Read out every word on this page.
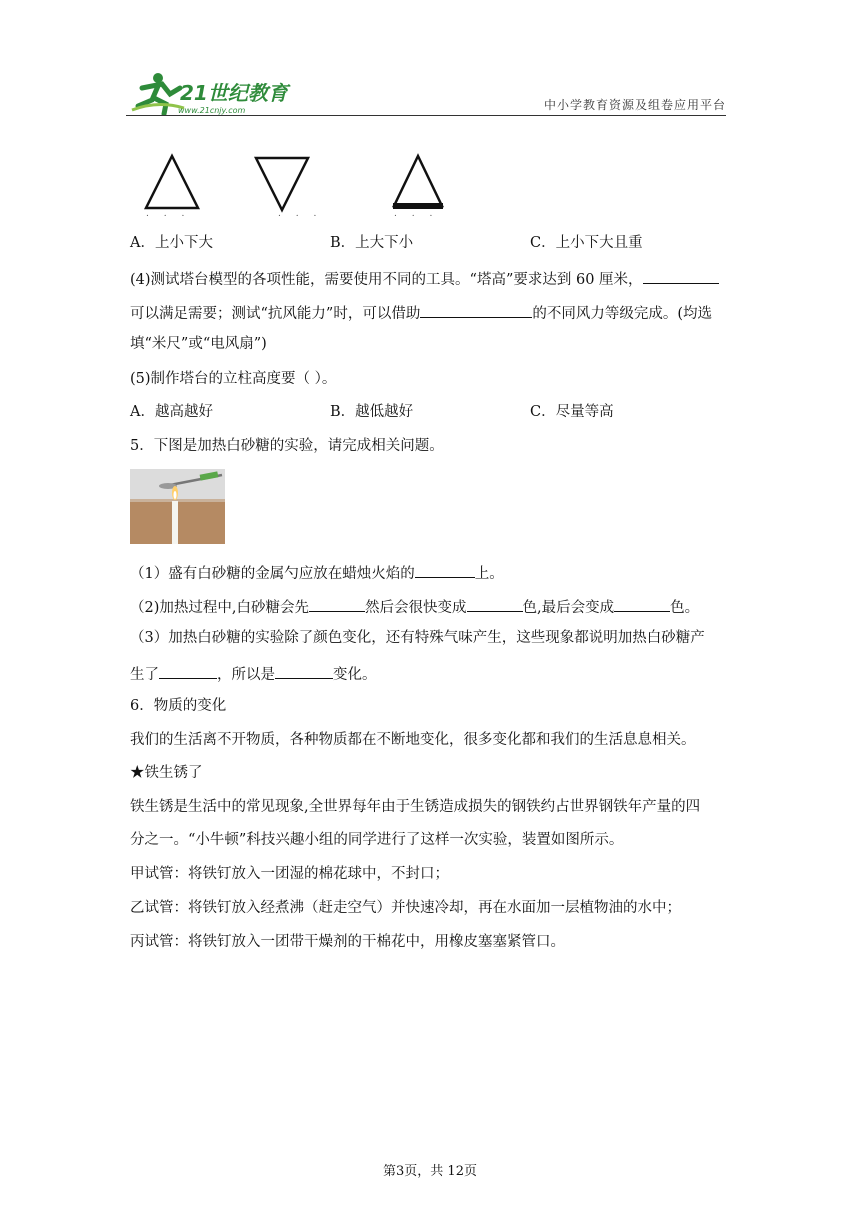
21世纪教育
www.21cnjy.com	中小学教育资源及组卷应用平台
. . .	. . .	. . .
A．上小下大	B．上大下小	C．上小下大且重
(4)测试塔台模型的各项性能，需要使用不同的工具。“塔高”要求达到 60 厘米，
可以满足需要；测试“抗风能力”时，可以借助	的不同风力等级完成。(均选
填“米尺”或“电风扇”)
(5)制作塔台的立柱高度要（ ）。
A．越高越好	B．越低越好	C．尽量等高
5．下图是加热白砂糖的实验，请完成相关问题。
（1）盛有白砂糖的金属勺应放在蜡烛火焰的	上。
（2)加热过程中,白砂糖会先	然后会很快变成	色,最后会变成	色。
（3）加热白砂糖的实验除了颜色变化，还有特殊气味产生，这些现象都说明加热白砂糖产
生了	，所以是	变化。
6．物质的变化
我们的生活离不开物质，各种物质都在不断地变化，很多变化都和我们的生活息息相关。
★铁生锈了
铁生锈是生活中的常见现象,全世界每年由于生锈造成损失的钢铁约占世界钢铁年产量的四
分之一。“小牛顿”科技兴趣小组的同学进行了这样一次实验，装置如图所示。
甲试管：将铁钉放入一团湿的棉花球中，不封口；
乙试管：将铁钉放入经煮沸（赶走空气）并快速冷却，再在水面加一层植物油的水中；
丙试管：将铁钉放入一团带干燥剂的干棉花中，用橡皮塞塞紧管口。
第3页，共 12页
